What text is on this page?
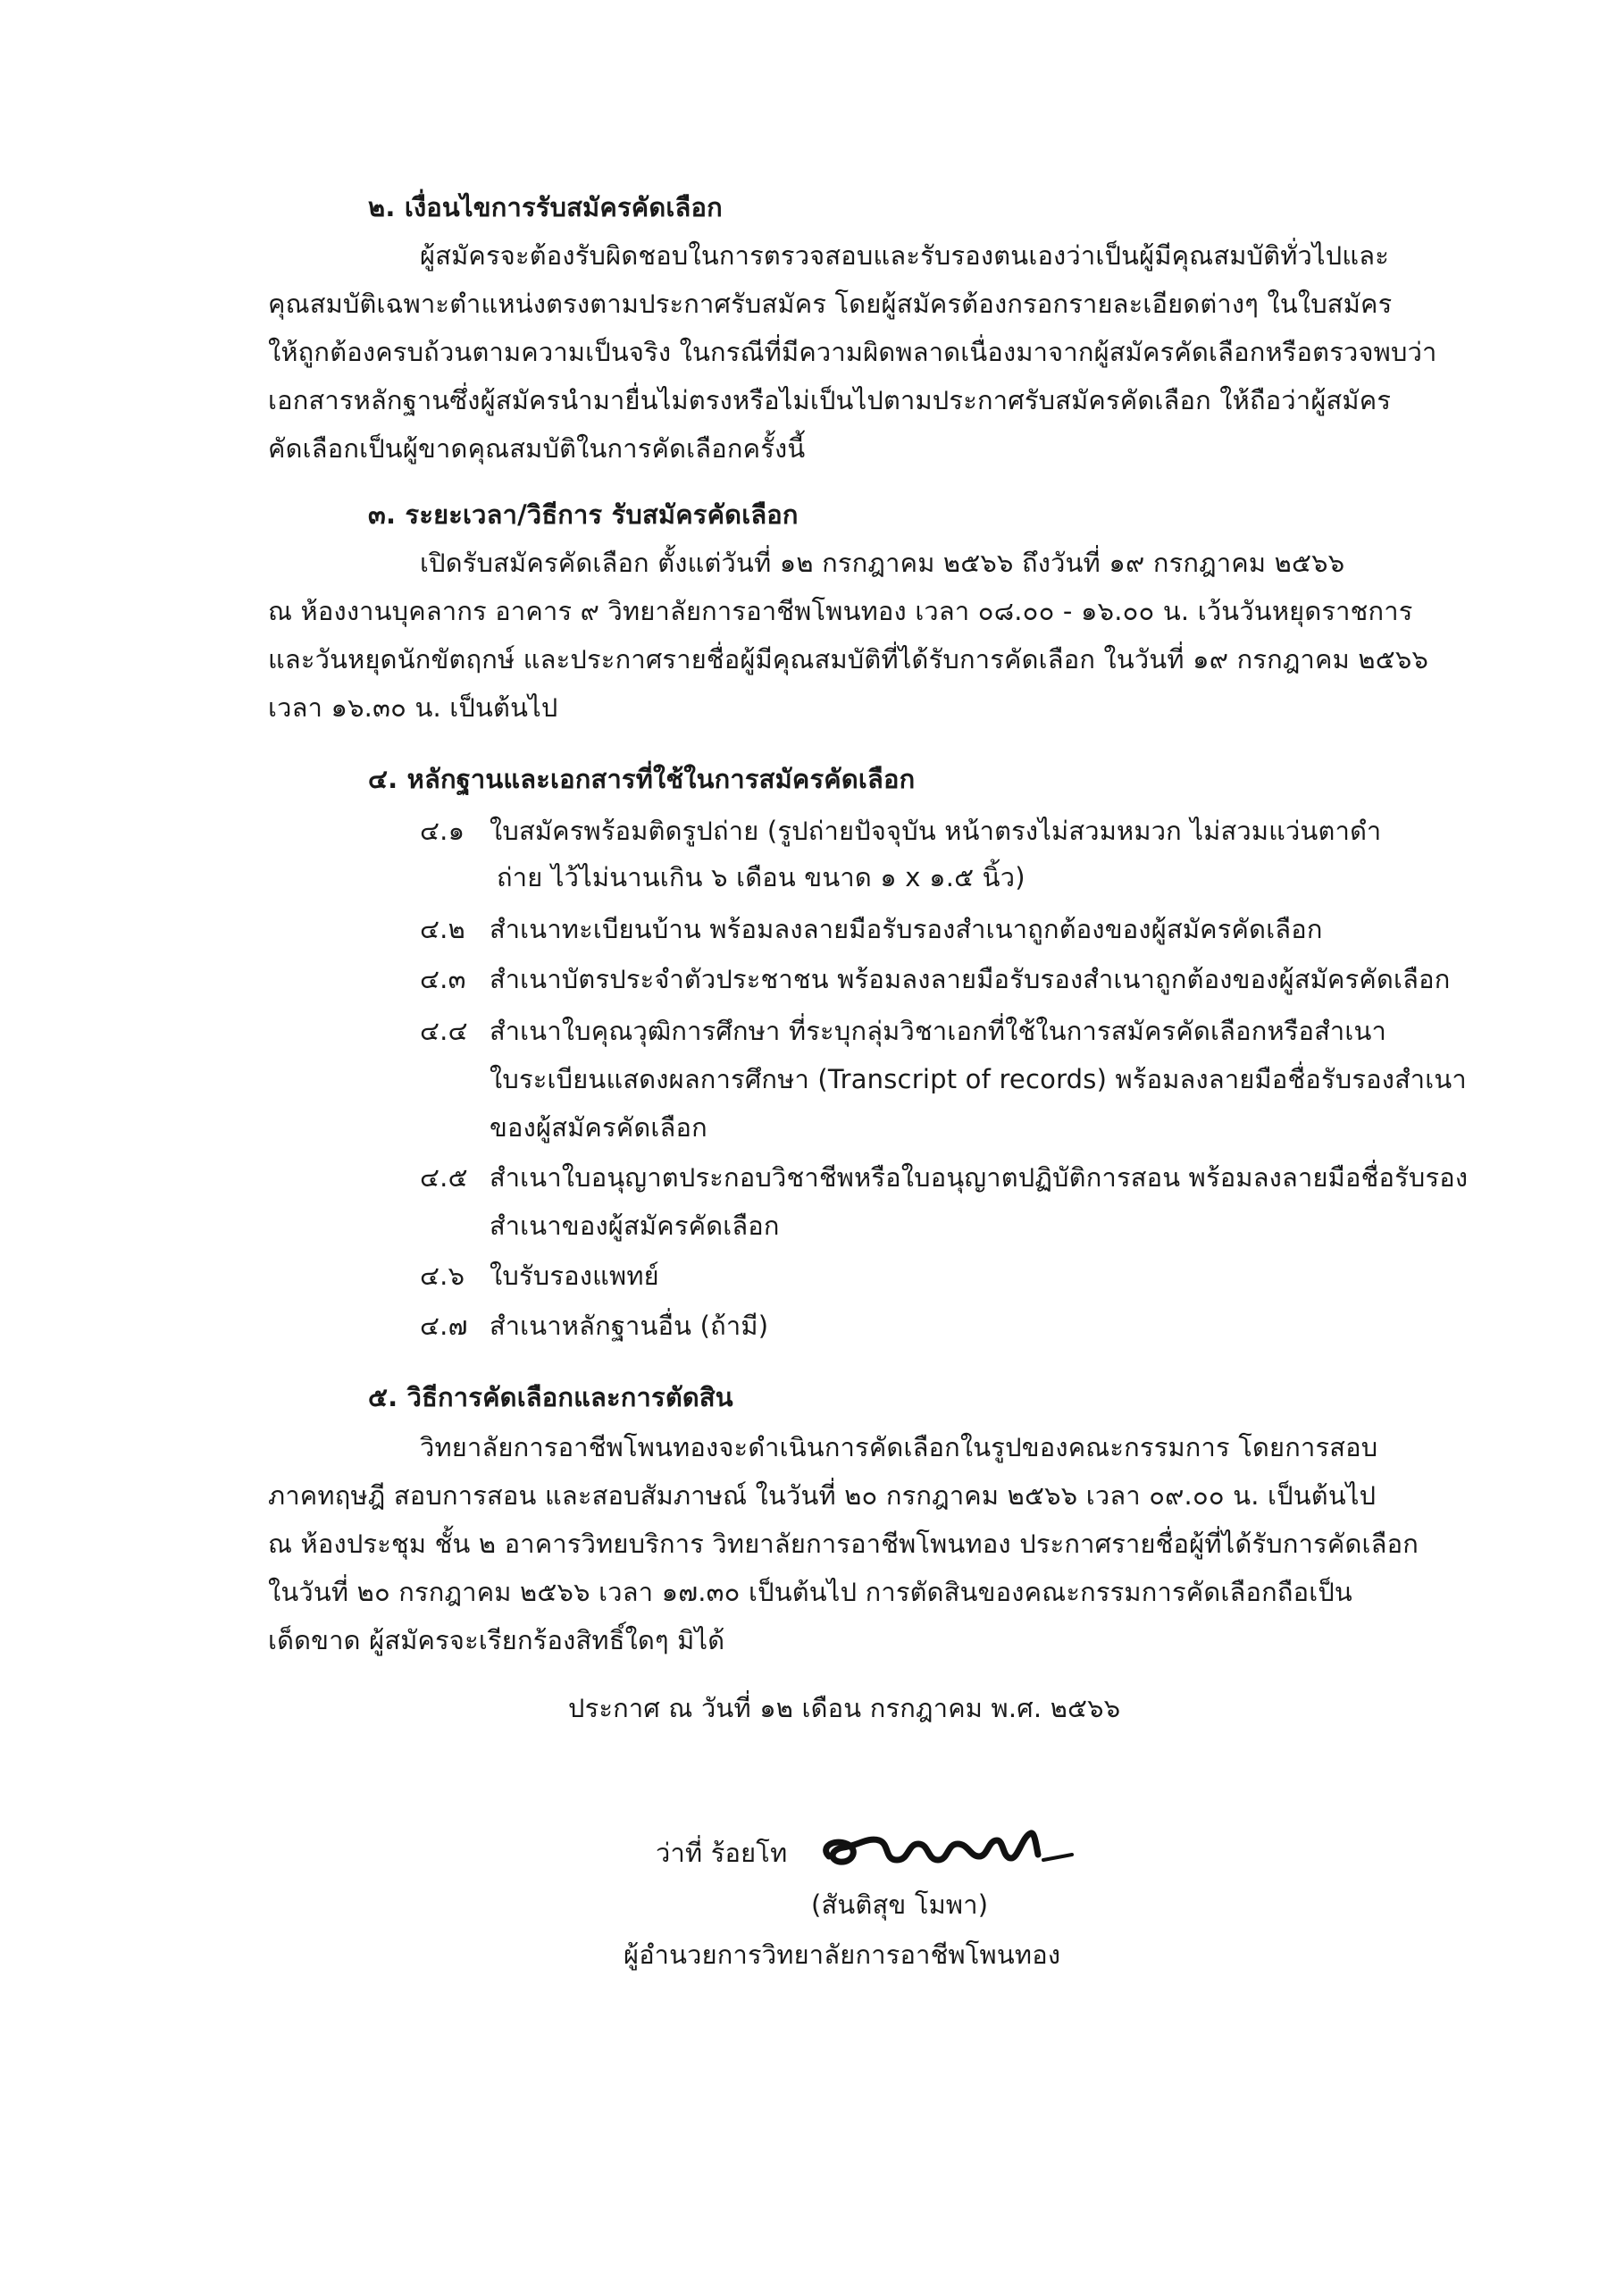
๒. เงื่อนไขการรับสมัครคัดเลือก
ผู้สมัครจะต้องรับผิดชอบในการตรวจสอบและรับรองตนเองว่าเป็นผู้มีคุณสมบัติทั่วไปและ
คุณสมบัติเฉพาะตำแหน่งตรงตามประกาศรับสมัคร โดยผู้สมัครต้องกรอกรายละเอียดต่างๆ ในใบสมัคร
ให้ถูกต้องครบถ้วนตามความเป็นจริง ในกรณีที่มีความผิดพลาดเนื่องมาจากผู้สมัครคัดเลือกหรือตรวจพบว่า
เอกสารหลักฐานซึ่งผู้สมัครนำมายื่นไม่ตรงหรือไม่เป็นไปตามประกาศรับสมัครคัดเลือก ให้ถือว่าผู้สมัคร
คัดเลือกเป็นผู้ขาดคุณสมบัติในการคัดเลือกครั้งนี้
๓. ระยะเวลา/วิธีการ รับสมัครคัดเลือก
เปิดรับสมัครคัดเลือก ตั้งแต่วันที่ ๑๒ กรกฎาคม ๒๕๖๖ ถึงวันที่ ๑๙ กรกฎาคม ๒๕๖๖
ณ ห้องงานบุคลากร อาคาร ๙ วิทยาลัยการอาชีพโพนทอง เวลา ๐๘.๐๐ - ๑๖.๐๐ น. เว้นวันหยุดราชการ
และวันหยุดนักขัตฤกษ์ และประกาศรายชื่อผู้มีคุณสมบัติที่ได้รับการคัดเลือก ในวันที่ ๑๙ กรกฎาคม ๒๕๖๖
เวลา ๑๖.๓๐ น. เป็นต้นไป
๔. หลักฐานและเอกสารที่ใช้ในการสมัครคัดเลือก
๔.๑ ใบสมัครพร้อมติดรูปถ่าย (รูปถ่ายปัจจุบัน หน้าตรงไม่สวมหมวก ไม่สวมแว่นตาดำ
ถ่าย ไว้ไม่นานเกิน ๖ เดือน ขนาด ๑ x ๑.๕ นิ้ว)
๔.๒ สำเนาทะเบียนบ้าน พร้อมลงลายมือรับรองสำเนาถูกต้องของผู้สมัครคัดเลือก
๔.๓ สำเนาบัตรประจำตัวประชาชน พร้อมลงลายมือรับรองสำเนาถูกต้องของผู้สมัครคัดเลือก
๔.๔ สำเนาใบคุณวุฒิการศึกษา ที่ระบุกลุ่มวิชาเอกที่ใช้ในการสมัครคัดเลือกหรือสำเนา
ใบระเบียนแสดงผลการศึกษา (Transcript of records) พร้อมลงลายมือชื่อรับรองสำเนา
ของผู้สมัครคัดเลือก
๔.๕ สำเนาใบอนุญาตประกอบวิชาชีพหรือใบอนุญาตปฏิบัติการสอน พร้อมลงลายมือชื่อรับรอง
สำเนาของผู้สมัครคัดเลือก
๔.๖ ใบรับรองแพทย์
๔.๗ สำเนาหลักฐานอื่น (ถ้ามี)
๕. วิธีการคัดเลือกและการตัดสิน
วิทยาลัยการอาชีพโพนทองจะดำเนินการคัดเลือกในรูปของคณะกรรมการ โดยการสอบ
ภาคทฤษฎี สอบการสอน และสอบสัมภาษณ์ ในวันที่ ๒๐ กรกฎาคม ๒๕๖๖ เวลา ๐๙.๐๐ น. เป็นต้นไป
ณ ห้องประชุม ชั้น ๒ อาคารวิทยบริการ วิทยาลัยการอาชีพโพนทอง ประกาศรายชื่อผู้ที่ได้รับการคัดเลือก
ในวันที่ ๒๐ กรกฎาคม ๒๕๖๖ เวลา ๑๗.๓๐ เป็นต้นไป การตัดสินของคณะกรรมการคัดเลือกถือเป็น
เด็ดขาด ผู้สมัครจะเรียกร้องสิทธิ์ใดๆ มิได้
ประกาศ ณ วันที่ ๑๒ เดือน กรกฎาคม พ.ศ. ๒๕๖๖
ว่าที่ ร้อยโท
(สันติสุข โมพา)
ผู้อำนวยการวิทยาลัยการอาชีพโพนทอง
